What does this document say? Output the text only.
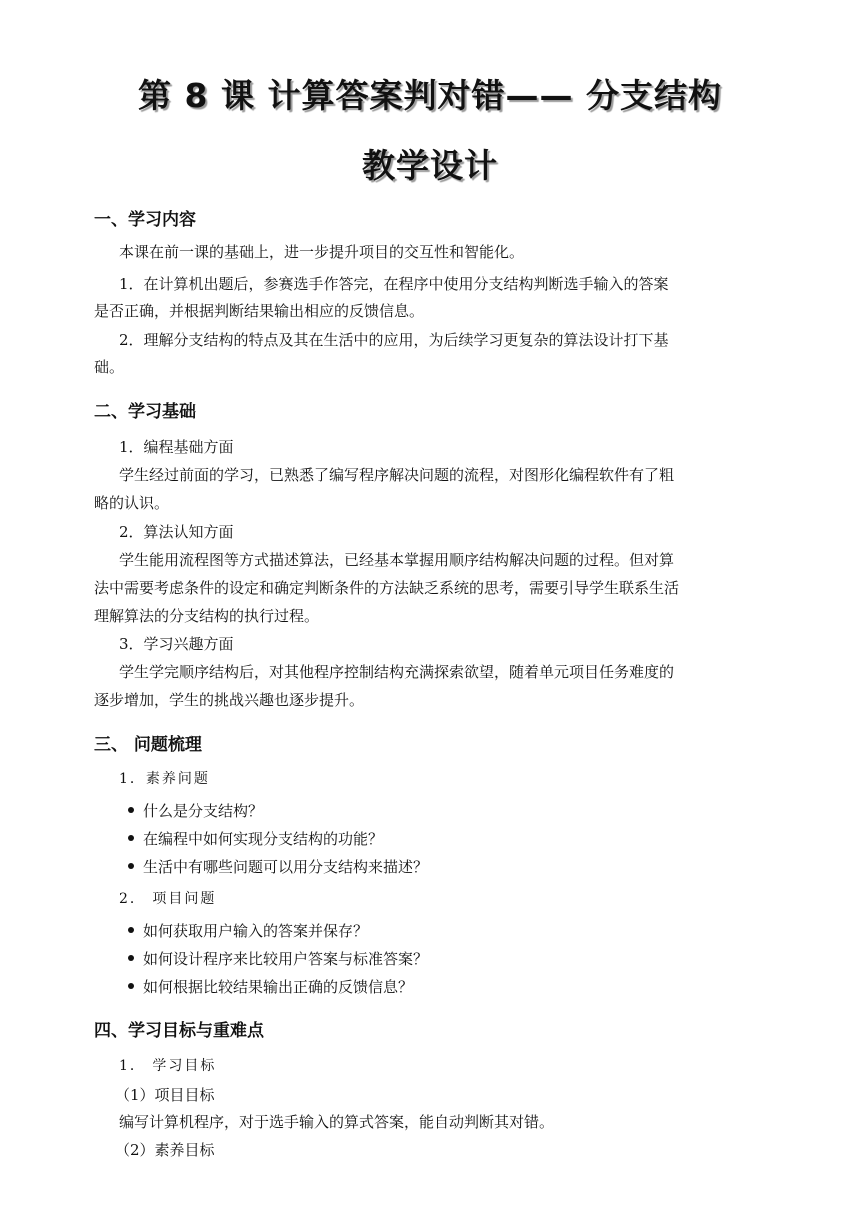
第 8 课 计算答案判对错—— 分支结构
教学设计
一、学习内容
本课在前一课的基础上，进一步提升项目的交互性和智能化。
1．在计算机出题后，参赛选手作答完，在程序中使用分支结构判断选手输入的答案
是否正确，并根据判断结果输出相应的反馈信息。
2．理解分支结构的特点及其在生活中的应用，为后续学习更复杂的算法设计打下基
础。
二、学习基础
1．编程基础方面
学生经过前面的学习，已熟悉了编写程序解决问题的流程，对图形化编程软件有了粗
略的认识。
2．算法认知方面
学生能用流程图等方式描述算法，已经基本掌握用顺序结构解决问题的过程。但对算
法中需要考虑条件的设定和确定判断条件的方法缺乏系统的思考，需要引导学生联系生活
理解算法的分支结构的执行过程。
3．学习兴趣方面
学生学完顺序结构后，对其他程序控制结构充满探索欲望，随着单元项目任务难度的
逐步增加，学生的挑战兴趣也逐步提升。
三、 问题梳理
1．素养问题
什么是分支结构？
在编程中如何实现分支结构的功能？
生活中有哪些问题可以用分支结构来描述？
2． 项目问题
如何获取用户输入的答案并保存？
如何设计程序来比较用户答案与标准答案？
如何根据比较结果输出正确的反馈信息？
四、学习目标与重难点
1． 学习目标
（1）项目目标
编写计算机程序，对于选手输入的算式答案，能自动判断其对错。
（2）素养目标
